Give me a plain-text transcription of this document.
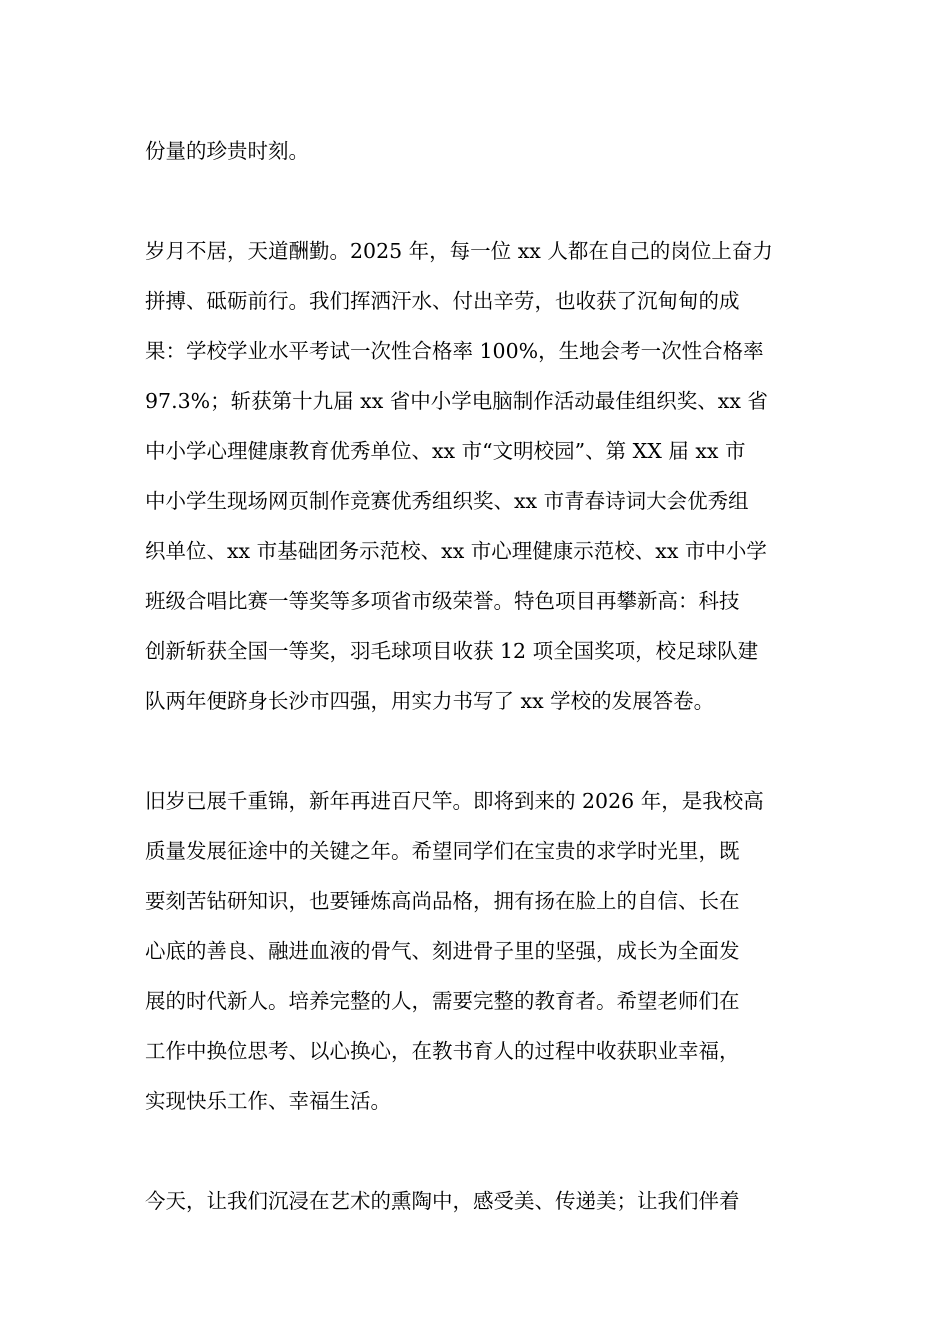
份量的珍贵时刻。

岁月不居，天道酬勤。2025 年，每一位 xx 人都在自己的岗位上奋力

拼搏、砥砺前行。我们挥洒汗水、付出辛劳，也收获了沉甸甸的成

果：学校学业水平考试一次性合格率 100%，生地会考一次性合格率

97.3%；斩获第十九届 xx 省中小学电脑制作活动最佳组织奖、xx 省

中小学心理健康教育优秀单位、xx 市“文明校园”、第 XX 届 xx 市

中小学生现场网页制作竞赛优秀组织奖、xx 市青春诗词大会优秀组

织单位、xx 市基础团务示范校、xx 市心理健康示范校、xx 市中小学

班级合唱比赛一等奖等多项省市级荣誉。特色项目再攀新高：科技

创新斩获全国一等奖，羽毛球项目收获 12 项全国奖项，校足球队建

队两年便跻身长沙市四强，用实力书写了 xx 学校的发展答卷。

旧岁已展千重锦，新年再进百尺竿。即将到来的 2026 年，是我校高

质量发展征途中的关键之年。希望同学们在宝贵的求学时光里，既

要刻苦钻研知识，也要锤炼高尚品格，拥有扬在脸上的自信、长在

心底的善良、融进血液的骨气、刻进骨子里的坚强，成长为全面发

展的时代新人。培养完整的人，需要完整的教育者。希望老师们在

工作中换位思考、以心换心，在教书育人的过程中收获职业幸福，

实现快乐工作、幸福生活。

今天，让我们沉浸在艺术的熏陶中，感受美、传递美；让我们伴着
